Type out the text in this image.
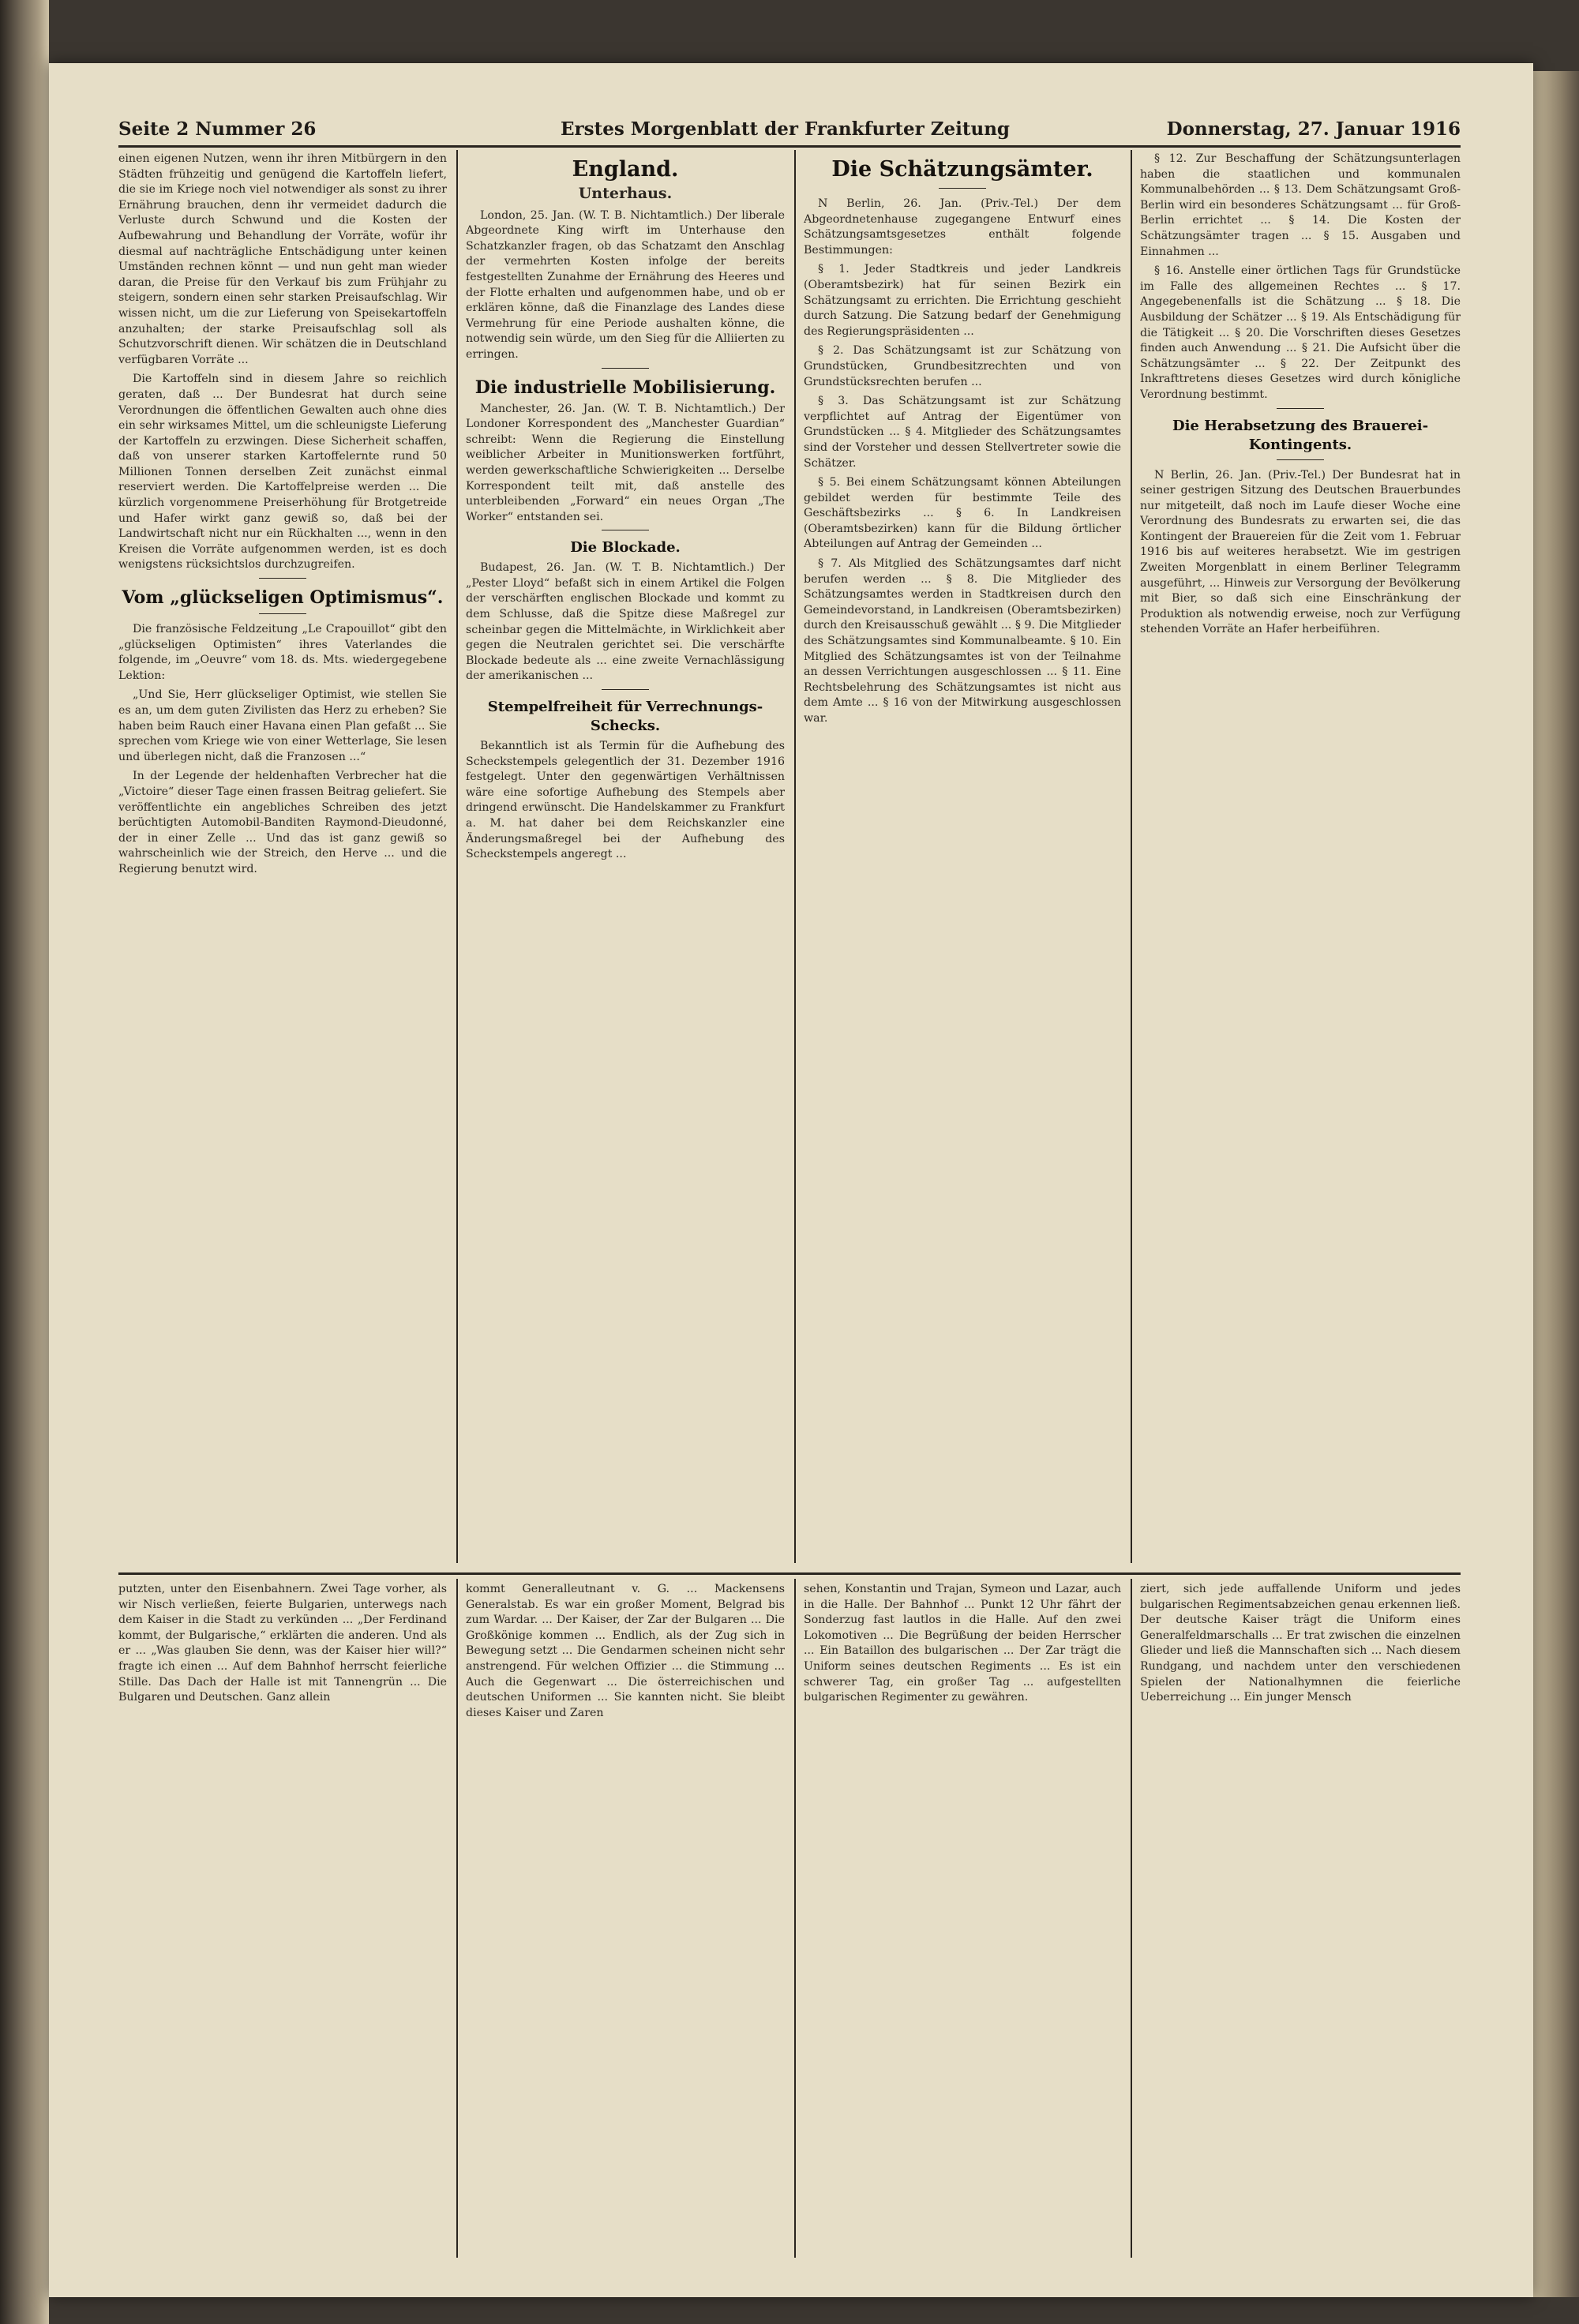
Seite 2 Nummer 26	Erstes Morgenblatt der Frankfurter Zeitung	Donnerstag, 27. Januar 1916

einen eigenen Nutzen, wenn ihr ihren Mitbürgern in den Städten frühzeitig und genügend die Kartoffeln liefert, die sie im Kriege noch viel notwendiger als sonst zu ihrer Ernährung brauchen, denn ihr vermeidet dadurch die Verluste durch Schwund und die Kosten der Aufbewahrung und Behandlung der Vorräte, wofür ihr diesmal auf nachträgliche Entschädigung unter keinen Umständen rechnen könnt — und nun geht man wieder daran, die Preise für den Verkauf bis zum Frühjahr zu steigern, sondern einen sehr starken Preisaufschlag. Wir wissen nicht, um die zur Lieferung von Speisekartoffeln anzuhalten; der starke Preisaufschlag soll als Schutzvorschrift dienen. Wir schätzen die in Deutschland verfügbaren Vorräte ...

Die Kartoffeln sind in diesem Jahre so reichlich geraten, daß ... Der Bundesrat hat durch seine Verordnungen die öffentlichen Gewalten auch ohne dies ein sehr wirksames Mittel, um die schleunigste Lieferung der Kartoffeln zu erzwingen. Diese Sicherheit schaffen, daß von unserer starken Kartoffelernte rund 50 Millionen Tonnen derselben Zeit zunächst einmal reserviert werden. Die Kartoffelpreise werden ... Die kürzlich vorgenommene Preiserhöhung für Brotgetreide und Hafer wirkt ganz gewiß so, daß bei der Landwirtschaft nicht nur ein Rückhalten ..., wenn in den Kreisen die Vorräte aufgenommen werden, ist es doch wenigstens rücksichtslos durchzugreifen.

Vom „glückseligen Optimismus“.

Die französische Feldzeitung „Le Crapouillot“ gibt den „glückseligen Optimisten“ ihres Vaterlandes die folgende, im „Oeuvre“ vom 18. ds. Mts. wiedergegebene Lektion:

„Und Sie, Herr glückseliger Optimist, wie stellen Sie es an, um dem guten Zivilisten das Herz zu erheben? Sie haben beim Rauch einer Havana einen Plan gefaßt ... Sie sprechen vom Kriege wie von einer Wetterlage, Sie lesen und überlegen nicht, daß die Franzosen ...“

In der Legende der heldenhaften Verbrecher hat die „Victoire“ dieser Tage einen frassen Beitrag geliefert. Sie veröffentlichte ein angebliches Schreiben des jetzt berüchtigten Automobil-Banditen Raymond-Dieudonné, der in einer Zelle ... Und das ist ganz gewiß so wahrscheinlich wie der Streich, den Herve ... und die Regierung benutzt wird.

England.
Unterhaus.

London, 25. Jan. (W. T. B. Nichtamtlich.) Der liberale Abgeordnete King wirft im Unterhause den Schatzkanzler fragen, ob das Schatzamt den Anschlag der vermehrten Kosten infolge der bereits festgestellten Zunahme der Ernährung des Heeres und der Flotte erhalten und aufgenommen habe, und ob er erklären könne, daß die Finanzlage des Landes diese Vermehrung für eine Periode aushalten könne, die notwendig sein würde, um den Sieg für die Alliierten zu erringen.

Die industrielle Mobilisierung.

Manchester, 26. Jan. (W. T. B. Nichtamtlich.) Der Londoner Korrespondent des „Manchester Guardian“ schreibt: Wenn die Regierung die Einstellung weiblicher Arbeiter in Munitionswerken fortführt, werden gewerkschaftliche Schwierigkeiten ... Derselbe Korrespondent teilt mit, daß anstelle des unterbleibenden „Forward“ ein neues Organ „The Worker“ entstanden sei.

Die Blockade.

Budapest, 26. Jan. (W. T. B. Nichtamtlich.) Der „Pester Lloyd“ befaßt sich in einem Artikel die Folgen der verschärften englischen Blockade und kommt zu dem Schlusse, daß die Spitze diese Maßregel zur scheinbar gegen die Mittelmächte, in Wirklichkeit aber gegen die Neutralen gerichtet sei. Die verschärfte Blockade bedeute als ... eine zweite Vernachlässigung der amerikanischen ...

Stempelfreiheit für Verrechnungs-Schecks.

Bekanntlich ist als Termin für die Aufhebung des Scheckstempels gelegentlich der 31. Dezember 1916 festgelegt. Unter den gegenwärtigen Verhältnissen wäre eine sofortige Aufhebung des Stempels aber dringend erwünscht. Die Handelskammer zu Frankfurt a. M. hat daher bei dem Reichskanzler eine Änderungsmaßregel bei der Aufhebung des Scheckstempels angeregt ...

Die Schätzungsämter.

N Berlin, 26. Jan. (Priv.-Tel.) Der dem Abgeordnetenhause zugegangene Entwurf eines Schätzungsamtsgesetzes enthält folgende Bestimmungen:

§ 1. Jeder Stadtkreis und jeder Landkreis (Oberamtsbezirk) hat für seinen Bezirk ein Schätzungsamt zu errichten. Die Errichtung geschieht durch Satzung. Die Satzung bedarf der Genehmigung des Regierungspräsidenten ...

§ 2. Das Schätzungsamt ist zur Schätzung von Grundstücken, Grundbesitzrechten und von Grundstücksrechten berufen ...

§ 3. Das Schätzungsamt ist zur Schätzung verpflichtet auf Antrag der Eigentümer von Grundstücken ... § 4. Mitglieder des Schätzungsamtes sind der Vorsteher und dessen Stellvertreter sowie die Schätzer.

§ 5. Bei einem Schätzungsamt können Abteilungen gebildet werden für bestimmte Teile des Geschäftsbezirks ... § 6. In Landkreisen (Oberamtsbezirken) kann für die Bildung örtlicher Abteilungen auf Antrag der Gemeinden ...

§ 7. Als Mitglied des Schätzungsamtes darf nicht berufen werden ... § 8. Die Mitglieder des Schätzungsamtes werden in Stadtkreisen durch den Gemeindevorstand, in Landkreisen (Oberamtsbezirken) durch den Kreisausschuß gewählt ... § 9. Die Mitglieder des Schätzungsamtes sind Kommunalbeamte. § 10. Ein Mitglied des Schätzungsamtes ist von der Teilnahme an dessen Verrichtungen ausgeschlossen ... § 11. Eine Rechtsbelehrung des Schätzungsamtes ist nicht aus dem Amte ... § 16 von der Mitwirkung ausgeschlossen war.

§ 12. Zur Beschaffung der Schätzungsunterlagen haben die staatlichen und kommunalen Kommunalbehörden ... § 13. Dem Schätzungsamt Groß-Berlin wird ein besonderes Schätzungsamt ... für Groß-Berlin errichtet ... § 14. Die Kosten der Schätzungsämter tragen ... § 15. Ausgaben und Einnahmen ...

§ 16. Anstelle einer örtlichen Tags für Grundstücke im Falle des allgemeinen Rechtes ... § 17. Angegebenenfalls ist die Schätzung ... § 18. Die Ausbildung der Schätzer ... § 19. Als Entschädigung für die Tätigkeit ... § 20. Die Vorschriften dieses Gesetzes finden auch Anwendung ... § 21. Die Aufsicht über die Schätzungsämter ... § 22. Der Zeitpunkt des Inkrafttretens dieses Gesetzes wird durch königliche Verordnung bestimmt.

Die Herabsetzung des Brauerei-Kontingents.

N Berlin, 26. Jan. (Priv.-Tel.) Der Bundesrat hat in seiner gestrigen Sitzung des Deutschen Brauerbundes nur mitgeteilt, daß noch im Laufe dieser Woche eine Verordnung des Bundesrats zu erwarten sei, die das Kontingent der Brauereien für die Zeit vom 1. Februar 1916 bis auf weiteres herabsetzt. Wie im gestrigen Zweiten Morgenblatt in einem Berliner Telegramm ausgeführt, ... Hinweis zur Versorgung der Bevölkerung mit Bier, so daß sich eine Einschränkung der Produktion als notwendig erweise, noch zur Verfügung stehenden Vorräte an Hafer herbeiführen.

putzten, unter den Eisenbahnern. Zwei Tage vorher, als wir Nisch verließen, feierte Bulgarien, unterwegs nach dem Kaiser in die Stadt zu verkünden ... „Der Ferdinand kommt, der Bulgarische,“ erklärten die anderen. Und als er ... „Was glauben Sie denn, was der Kaiser hier will?“ fragte ich einen ... Auf dem Bahnhof herrscht feierliche Stille. Das Dach der Halle ist mit Tannengrün ... Die Bulgaren und Deutschen. Ganz allein

kommt Generalleutnant v. G. ... Mackensens Generalstab. Es war ein großer Moment, Belgrad bis zum Wardar. ... Der Kaiser, der Zar der Bulgaren ... Die Großkönige kommen ... Endlich, als der Zug sich in Bewegung setzt ... Die Gendarmen scheinen nicht sehr anstrengend. Für welchen Offizier ... die Stimmung ... Auch die Gegenwart ... Die österreichischen und deutschen Uniformen ... Sie kannten nicht. Sie bleibt dieses Kaiser und Zaren

sehen, Konstantin und Trajan, Symeon und Lazar, auch in die Halle. Der Bahnhof ... Punkt 12 Uhr fährt der Sonderzug fast lautlos in die Halle. Auf den zwei Lokomotiven ... Die Begrüßung der beiden Herrscher ... Ein Bataillon des bulgarischen ... Der Zar trägt die Uniform seines deutschen Regiments ... Es ist ein schwerer Tag, ein großer Tag ... aufgestellten bulgarischen Regimenter zu gewähren.

ziert, sich jede auffallende Uniform und jedes bulgarischen Regimentsabzeichen genau erkennen ließ. Der deutsche Kaiser trägt die Uniform eines Generalfeldmarschalls ... Er trat zwischen die einzelnen Glieder und ließ die Mannschaften sich ... Nach diesem Rundgang, und nachdem unter den verschiedenen Spielen der Nationalhymnen die feierliche Ueberreichung ... Ein junger Mensch
